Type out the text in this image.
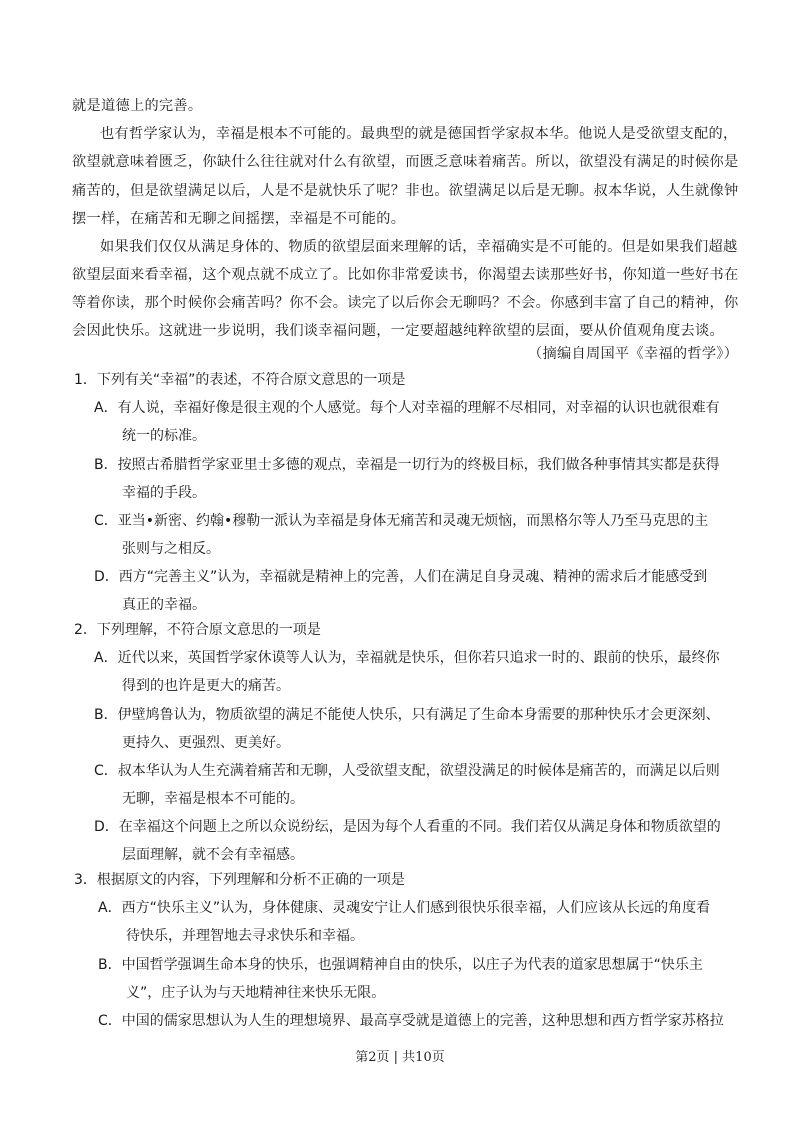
就是道德上的完善。
也有哲学家认为，幸福是根本不可能的。最典型的就是德国哲学家叔本华。他说人是受欲望支配的，
欲望就意味着匮乏，你缺什么往往就对什么有欲望，而匮乏意味着痛苦。所以，欲望没有满足的时候你是
痛苦的，但是欲望满足以后，人是不是就快乐了呢？非也。欲望满足以后是无聊。叔本华说，人生就像钟
摆一样，在痛苦和无聊之间摇摆，幸福是不可能的。
如果我们仅仅从满足身体的、物质的欲望层面来理解的话，幸福确实是不可能的。但是如果我们超越
欲望层面来看幸福，这个观点就不成立了。比如你非常爱读书，你渴望去读那些好书，你知道一些好书在
等着你读，那个时候你会痛苦吗？你不会。读完了以后你会无聊吗？不会。你感到丰富了自己的精神，你
会因此快乐。这就进一步说明，我们谈幸福问题，一定要超越纯粹欲望的层面，要从价值观角度去谈。
（摘编自周国平《幸福的哲学》）
1．下列有关“幸福”的表述，不符合原文意思的一项是
A．有人说，幸福好像是很主观的个人感觉。每个人对幸福的理解不尽相同，对幸福的认识也就很难有
统一的标准。
B．按照古希腊哲学家亚里士多德的观点，幸福是一切行为的终极目标，我们做各种事情其实都是获得
幸福的手段。
C．亚当•新密、约翰•穆勒一派认为幸福是身体无痛苦和灵魂无烦恼，而黑格尔等人乃至马克思的主
张则与之相反。
D．西方“完善主义”认为，幸福就是精神上的完善，人们在满足自身灵魂、精神的需求后才能感受到
真正的幸福。
2．下列理解，不符合原文意思的一项是
A．近代以来，英国哲学家休谟等人认为，幸福就是快乐，但你若只追求一时的、跟前的快乐，最终你
得到的也许是更大的痛苦。
B．伊壁鸠鲁认为，物质欲望的满足不能使人快乐，只有满足了生命本身需要的那种快乐才会更深刻、
更持久、更强烈、更美好。
C．叔本华认为人生充满着痛苦和无聊，人受欲望支配，欲望没满足的时候体是痛苦的，而满足以后则
无聊，幸福是根本不可能的。
D．在幸福这个问题上之所以众说纷纭，是因为每个人看重的不同。我们若仅从满足身体和物质欲望的
层面理解，就不会有幸福感。
3．根据原文的内容，下列理解和分析不正确的一项是
A．西方“快乐主义”认为，身体健康、灵魂安宁让人们感到很快乐很幸福，人们应该从长远的角度看
待快乐，并理智地去寻求快乐和幸福。
B．中国哲学强调生命本身的快乐，也强调精神自由的快乐，以庄子为代表的道家思想属于“快乐主
义”，庄子认为与天地精神往来快乐无限。
C．中国的儒家思想认为人生的理想境界、最高享受就是道德上的完善，这种思想和西方哲学家苏格拉
第2页 | 共10页
